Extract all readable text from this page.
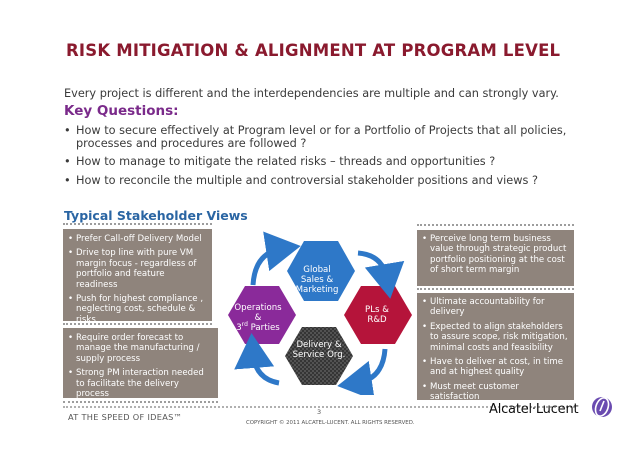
RISK MITIGATION & ALIGNMENT AT PROGRAM LEVEL
Every project is different and the interdependencies are multiple and can strongly vary.
Key Questions:
• How to secure effectively at Program level or for a Portfolio of Projects that all policies, processes and procedures are followed ?
• How to manage to mitigate the related risks – threads and opportunities ?
• How to reconcile the multiple and controversial stakeholder positions and views ?
Typical Stakeholder Views
• Prefer Call-off Delivery Model
• Drive top line with pure VM margin focus - regardless of portfolio and feature readiness
• Push for highest compliance , neglecting cost, schedule & risks
• Require order forecast to manage the manufacturing / supply process
• Strong PM interaction needed to facilitate the delivery process
• Perceive long term business value through strategic product portfolio positioning at the cost of short term margin
• Ultimate accountability for delivery
• Expected to align stakeholders to assure scope, risk mitigation, minimal costs and feasibility
• Have to deliver at cost, in time and at highest quality
• Must meet customer satisfaction
Global
Sales &
Marketing
Operations
&
3rd Parties
PLs &
R&D
Delivery &
Service Org.
AT THE SPEED OF IDEAS™	3
COPYRIGHT © 2011 ALCATEL-LUCENT. ALL RIGHTS RESERVED.
Alcatel·Lucent
